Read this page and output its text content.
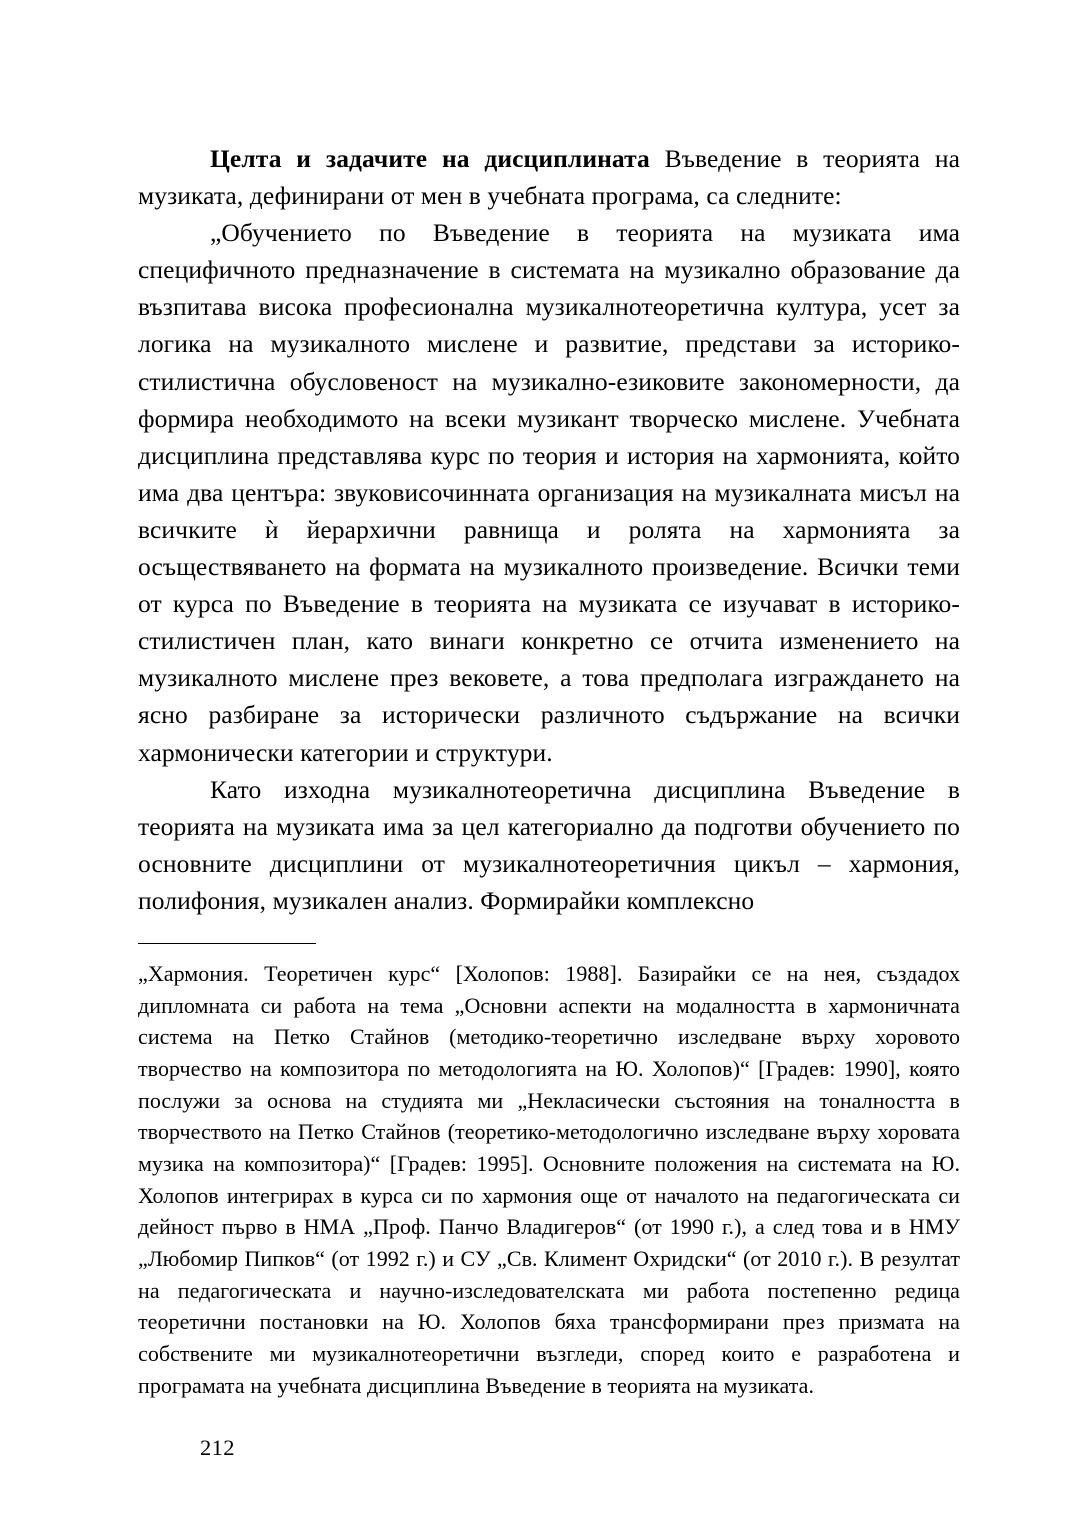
Целта и задачите на дисциплината Въведение в теорията на музиката, дефинирани от мен в учебната програма, са следните:

„Обучението по Въведение в теорията на музиката има специфичното предназначение в системата на музикално образование да възпитава висока професионална музикалнотеоретична култура, усет за логика на музикалното мислене и развитие, представи за историко-стилистична обусловеност на музикално-езиковите закономерности, да формира необходимото на всеки музикант творческо мислене. Учебната дисциплина представлява курс по теория и история на хармонията, който има два центъра: звуковисочинната организация на музикалната мисъл на всичките ѝ йерархични равнища и ролята на хармонията за осъществяването на формата на музикалното произведение. Всички теми от курса по Въведение в теорията на музиката се изучават в историко-стилистичен план, като винаги конкретно се отчита изменението на музикалното мислене през вековете, а това предполага изграждането на ясно разбиране за исторически различното съдържание на всички хармонически категории и структури.

Като изходна музикалнотеоретична дисциплина Въведение в теорията на музиката има за цел категориално да подготви обучението по основните дисциплини от музикалнотеоретичния цикъл – хармония, полифония, музикален анализ. Формирайки комплексно

„Хармония. Теоретичен курс“ [Холопов: 1988]. Базирайки се на нея, създадох дипломната си работа на тема „Основни аспекти на модалността в хармоничната система на Петко Стайнов (методико-теоретично изследване върху хоровото творчество на композитора по методологията на Ю. Холопов)“ [Градев: 1990], която послужи за основа на студията ми „Некласически състояния на тоналността в творчеството на Петко Стайнов (теоретико-методологично изследване върху хоровата музика на композитора)“ [Градев: 1995]. Основните положения на системата на Ю. Холопов интегрирах в курса си по хармония още от началото на педагогическата си дейност първо в НМА „Проф. Панчо Владигеров“ (от 1990 г.), а след това и в НМУ „Любомир Пипков“ (от 1992 г.) и СУ „Св. Климент Охридски“ (от 2010 г.). В резултат на педагогическата и научно-изследователската ми работа постепенно редица теоретични постановки на Ю. Холопов бяха трансформирани през призмата на собствените ми музикалнотеоретични възгледи, според които е разработена и програмата на учебната дисциплина Въведение в теорията на музиката.

212
